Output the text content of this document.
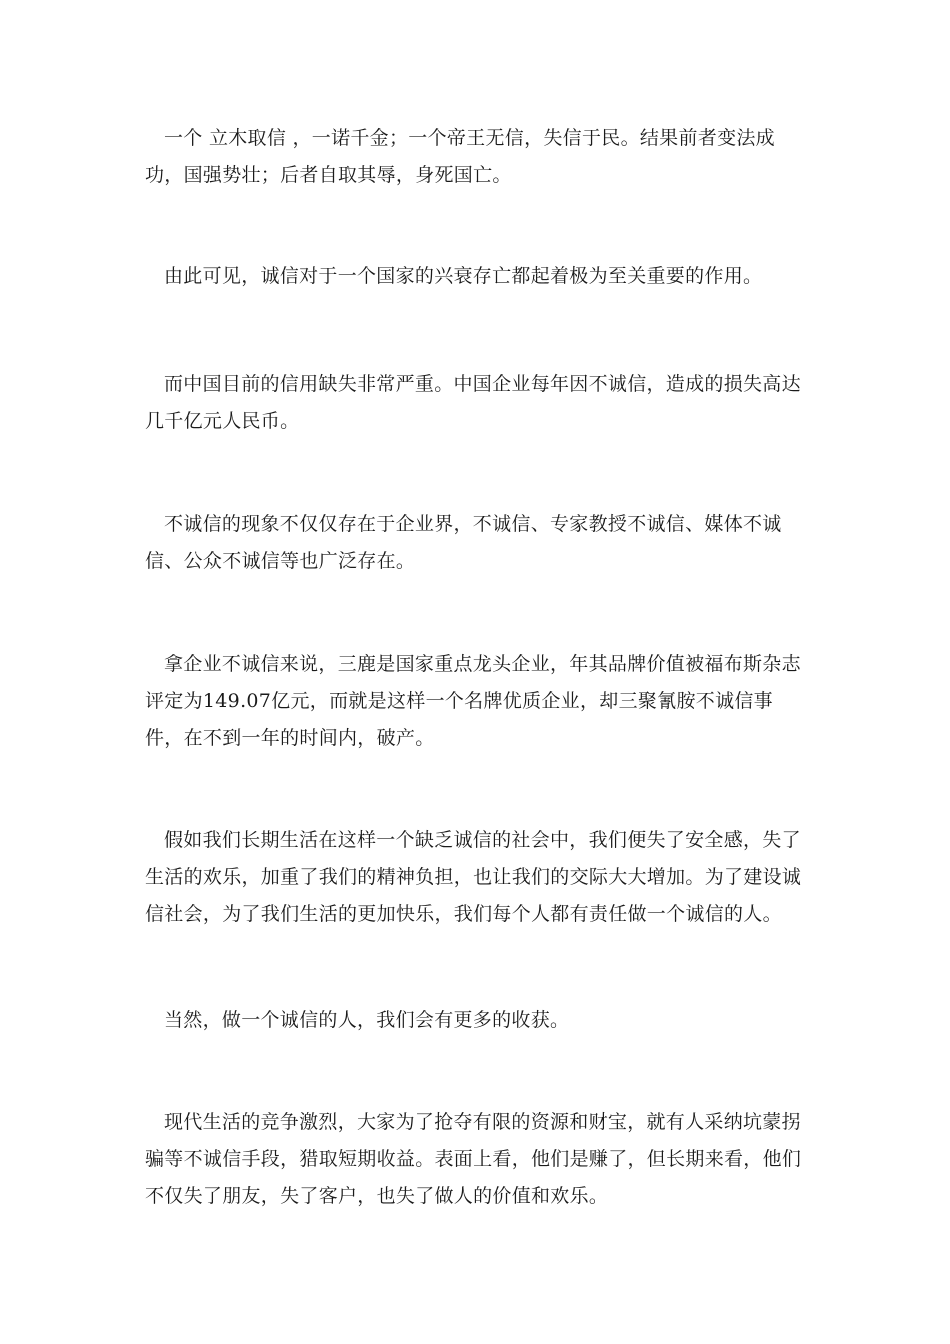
一个 立木取信 ，一诺千金；一个帝王无信，失信于民。结果前者变法成功，国强势壮；后者自取其辱，身死国亡。

由此可见，诚信对于一个国家的兴衰存亡都起着极为至关重要的作用。

而中国目前的信用缺失非常严重。中国企业每年因不诚信，造成的损失高达几千亿元人民币。

不诚信的现象不仅仅存在于企业界，不诚信、专家教授不诚信、媒体不诚信、公众不诚信等也广泛存在。

拿企业不诚信来说，三鹿是国家重点龙头企业，年其品牌价值被福布斯杂志评定为149.07亿元，而就是这样一个名牌优质企业，却三聚氰胺不诚信事件，在不到一年的时间内，破产。

假如我们长期生活在这样一个缺乏诚信的社会中，我们便失了安全感，失了生活的欢乐，加重了我们的精神负担，也让我们的交际大大增加。为了建设诚信社会，为了我们生活的更加快乐，我们每个人都有责任做一个诚信的人。

当然，做一个诚信的人，我们会有更多的收获。

现代生活的竞争激烈，大家为了抢夺有限的资源和财宝，就有人采纳坑蒙拐骗等不诚信手段，猎取短期收益。表面上看，他们是赚了，但长期来看，他们不仅失了朋友，失了客户，也失了做人的价值和欢乐。
